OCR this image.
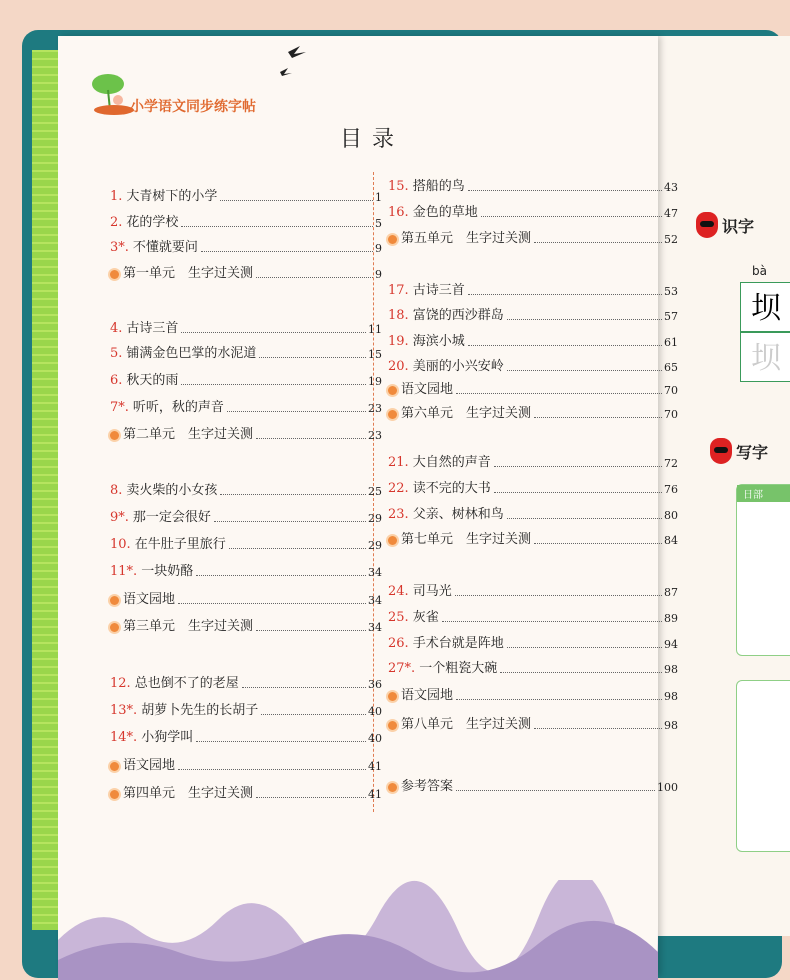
识字
bà
坝
坝
写字
日部
小学语文同步练字帖
目录
1. 大青树下的小学	1
2. 花的学校	5
3*. 不懂就要问	9
第一单元　生字过关测	9
4. 古诗三首	11
5. 铺满金色巴掌的水泥道	15
6. 秋天的雨	19
7*. 听听，秋的声音	23
第二单元　生字过关测	23
8. 卖火柴的小女孩	25
9*. 那一定会很好	29
10. 在牛肚子里旅行	29
11*. 一块奶酪	34
语文园地	34
第三单元　生字过关测	34
12. 总也倒不了的老屋	36
13*. 胡萝卜先生的长胡子	40
14*. 小狗学叫	40
语文园地	41
第四单元　生字过关测	41
15. 搭船的鸟	43
16. 金色的草地	47
第五单元　生字过关测	52
17. 古诗三首	53
18. 富饶的西沙群岛	57
19. 海滨小城	61
20. 美丽的小兴安岭	65
语文园地	70
第六单元　生字过关测	70
21. 大自然的声音	72
22. 读不完的大书	76
23. 父亲、树林和鸟	80
第七单元　生字过关测	84
24. 司马光	87
25. 灰雀	89
26. 手术台就是阵地	94
27*. 一个粗瓷大碗	98
语文园地	98
第八单元　生字过关测	98
参考答案	100
